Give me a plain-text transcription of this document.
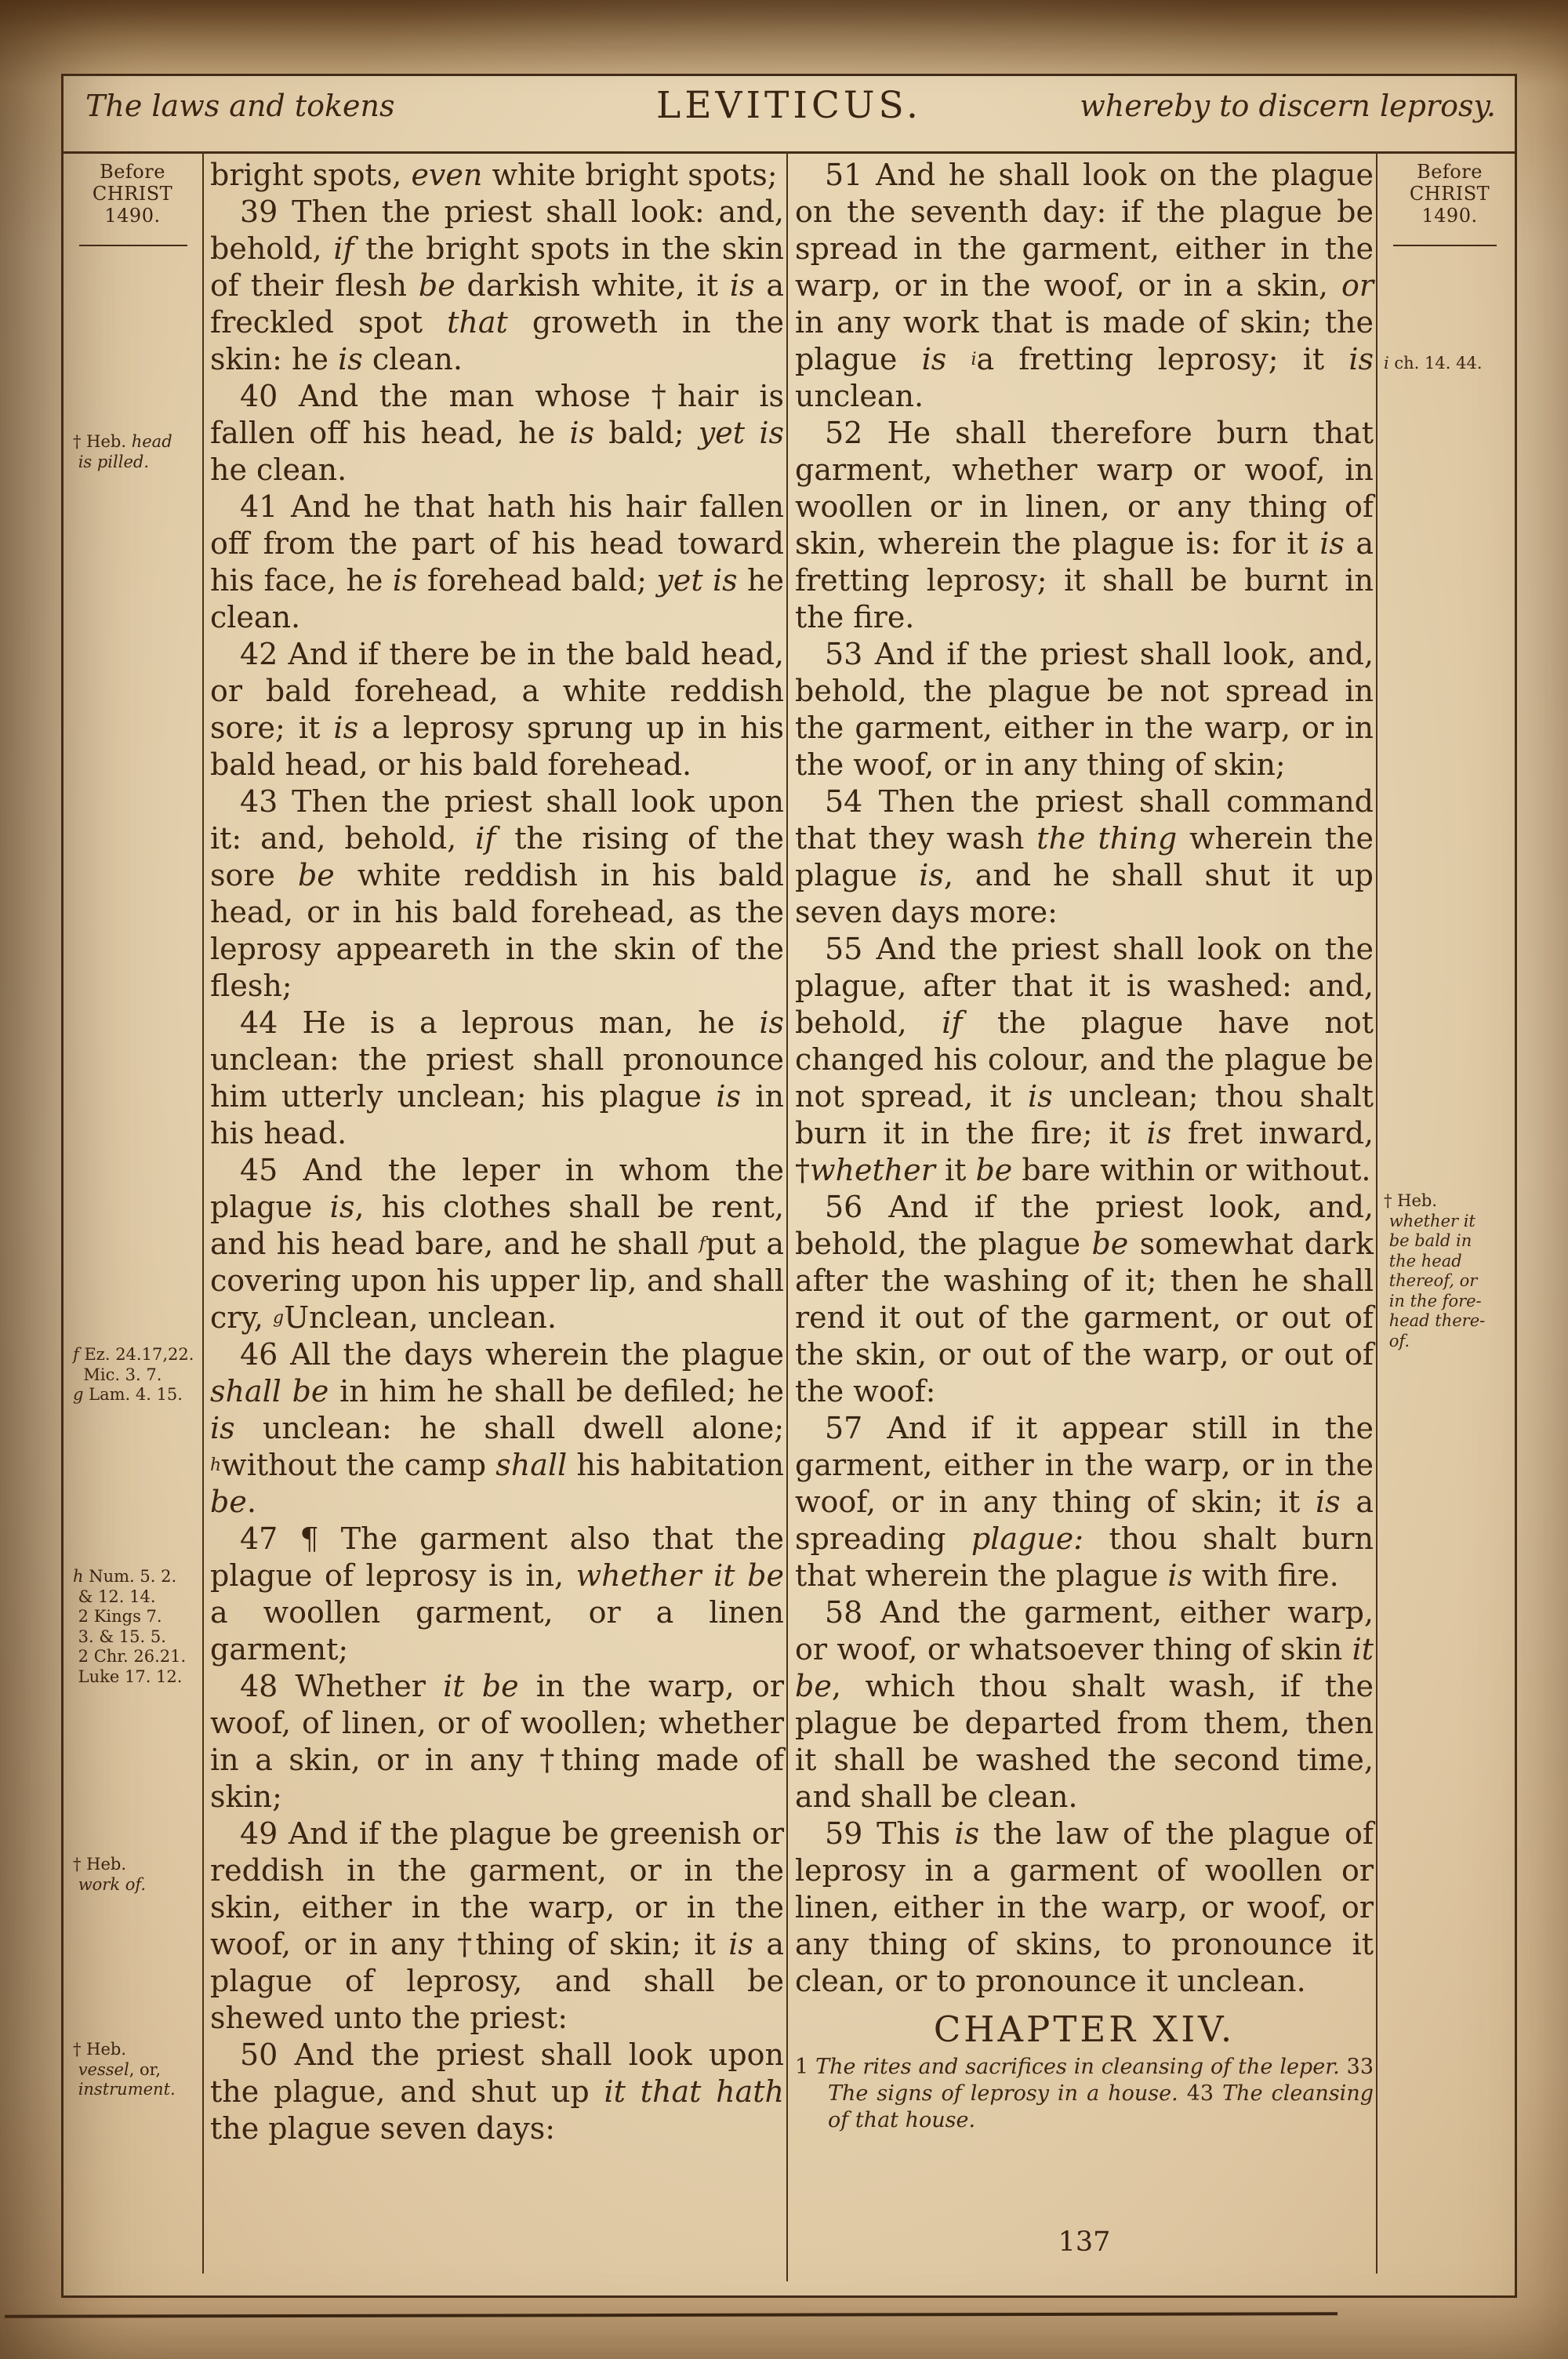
The laws and tokens	LEVITICUS.	whereby to discern leprosy.
Before
CHRIST
1490.
Before
CHRIST
1490.
† Heb. head
is pilled.
f Ez. 24.17,22.
Mic. 3. 7.
g Lam. 4. 15.
h Num. 5. 2.
& 12. 14.
2 Kings 7.
3. & 15. 5.
2 Chr. 26.21.
Luke 17. 12.
† Heb.
work of.
† Heb.
vessel, or,
instrument.
i ch. 14. 44.
† Heb.
whether it
be bald in
the head
thereof, or
in the fore-
head there-
of.

bright spots, even white bright spots;

39 Then the priest shall look: and, behold, if the bright spots in the skin of their flesh be darkish white, it is a freckled spot that groweth in the skin: he is clean.

40 And the man whose †hair is fallen off his head, he is bald; yet is he clean.

41 And he that hath his hair fallen off from the part of his head toward his face, he is forehead bald; yet is he clean.

42 And if there be in the bald head, or bald forehead, a white reddish sore; it is a leprosy sprung up in his bald head, or his bald forehead.

43 Then the priest shall look upon it: and, behold, if the rising of the sore be white reddish in his bald head, or in his bald forehead, as the leprosy appeareth in the skin of the flesh;

44 He is a leprous man, he is unclean: the priest shall pronounce him utterly unclean; his plague is in his head.

45 And the leper in whom the plague is, his clothes shall be rent, and his head bare, and he shall $^f$put a covering upon his upper lip, and shall cry, $^g$Unclean, unclean.

46 All the days wherein the plague shall be in him he shall be defiled; he is unclean: he shall dwell alone; $^h$without the camp shall his habitation be.

47 ¶ The garment also that the plague of leprosy is in, whether it be a woollen garment, or a linen garment;

48 Whether it be in the warp, or woof, of linen, or of woollen; whether in a skin, or in any †thing made of skin;

49 And if the plague be greenish or reddish in the garment, or in the skin, either in the warp, or in the woof, or in any †thing of skin; it is a plague of leprosy, and shall be shewed unto the priest:

50 And the priest shall look upon the plague, and shut up it that hath the plague seven days:

51 And he shall look on the plague on the seventh day: if the plague be spread in the garment, either in the warp, or in the woof, or in a skin, or in any work that is made of skin; the plague is $^i$a fretting leprosy; it is unclean.

52 He shall therefore burn that garment, whether warp or woof, in woollen or in linen, or any thing of skin, wherein the plague is: for it is a fretting leprosy; it shall be burnt in the fire.

53 And if the priest shall look, and, behold, the plague be not spread in the garment, either in the warp, or in the woof, or in any thing of skin;

54 Then the priest shall command that they wash the thing wherein the plague is, and he shall shut it up seven days more:

55 And the priest shall look on the plague, after that it is washed: and, behold, if the plague have not changed his colour, and the plague be not spread, it is unclean; thou shalt burn it in the fire; it is fret inward, †whether it be bare within or without.

56 And if the priest look, and, behold, the plague be somewhat dark after the washing of it; then he shall rend it out of the garment, or out of the skin, or out of the warp, or out of the woof:

57 And if it appear still in the garment, either in the warp, or in the woof, or in any thing of skin; it is a spreading plague: thou shalt burn that wherein the plague is with fire.

58 And the garment, either warp, or woof, or whatsoever thing of skin it be, which thou shalt wash, if the plague be departed from them, then it shall be washed the second time, and shall be clean.

59 This is the law of the plague of leprosy in a garment of woollen or linen, either in the warp, or woof, or any thing of skins, to pronounce it clean, or to pronounce it unclean.

CHAPTER XIV.

1 The rites and sacrifices in cleansing of the leper. 33 The signs of leprosy in a house. 43 The cleansing of that house.

137
